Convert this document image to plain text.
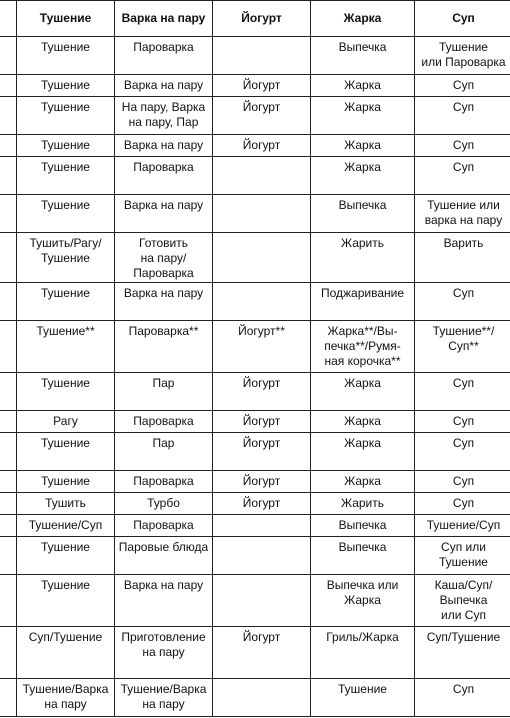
	Тушение	Варка на пару	Йогурт	Жарка	Суп
	Тушение	Пароварка		Выпечка	Тушение
или Пароварка
	Тушение	Варка на пару	Йогурт	Жарка	Суп
	Тушение	На пару, Варка
на пару, Пар	Йогурт	Жарка	Суп
	Тушение	Варка на пару	Йогурт	Жарка	Суп
	Тушение	Пароварка		Жарка	Суп
	Тушение	Варка на пару		Выпечка	Тушение или
варка на пару
	Тушить/Рагу/
Тушение	Готовить
на пару/
Пароварка		Жарить	Варить
	Тушение	Варка на пару		Поджаривание	Суп
	Тушение**	Пароварка**	Йогурт**	Жарка**/Вы-
печка**/Румя-
ная корочка**	Тушение**/
Суп**
	Тушение	Пар	Йогурт	Жарка	Суп
	Рагу	Пароварка	Йогурт	Жарка	Суп
	Тушение	Пар	Йогурт	Жарка	Суп
	Тушение	Пароварка	Йогурт	Жарка	Суп
	Тушить	Турбо	Йогурт	Жарить	Суп
	Тушение/Суп	Пароварка		Выпечка	Тушение/Суп
	Тушение	Паровые блюда		Выпечка	Суп или
Тушение
	Тушение	Варка на пару		Выпечка или
Жарка	Каша/Суп/
Выпечка
или Суп
	Суп/Тушение	Приготовление
на пару	Йогурт	Гриль/Жарка	Суп/Тушение
	Тушение/Варка
на пару	Тушение/Варка
на пару		Тушение	Суп
